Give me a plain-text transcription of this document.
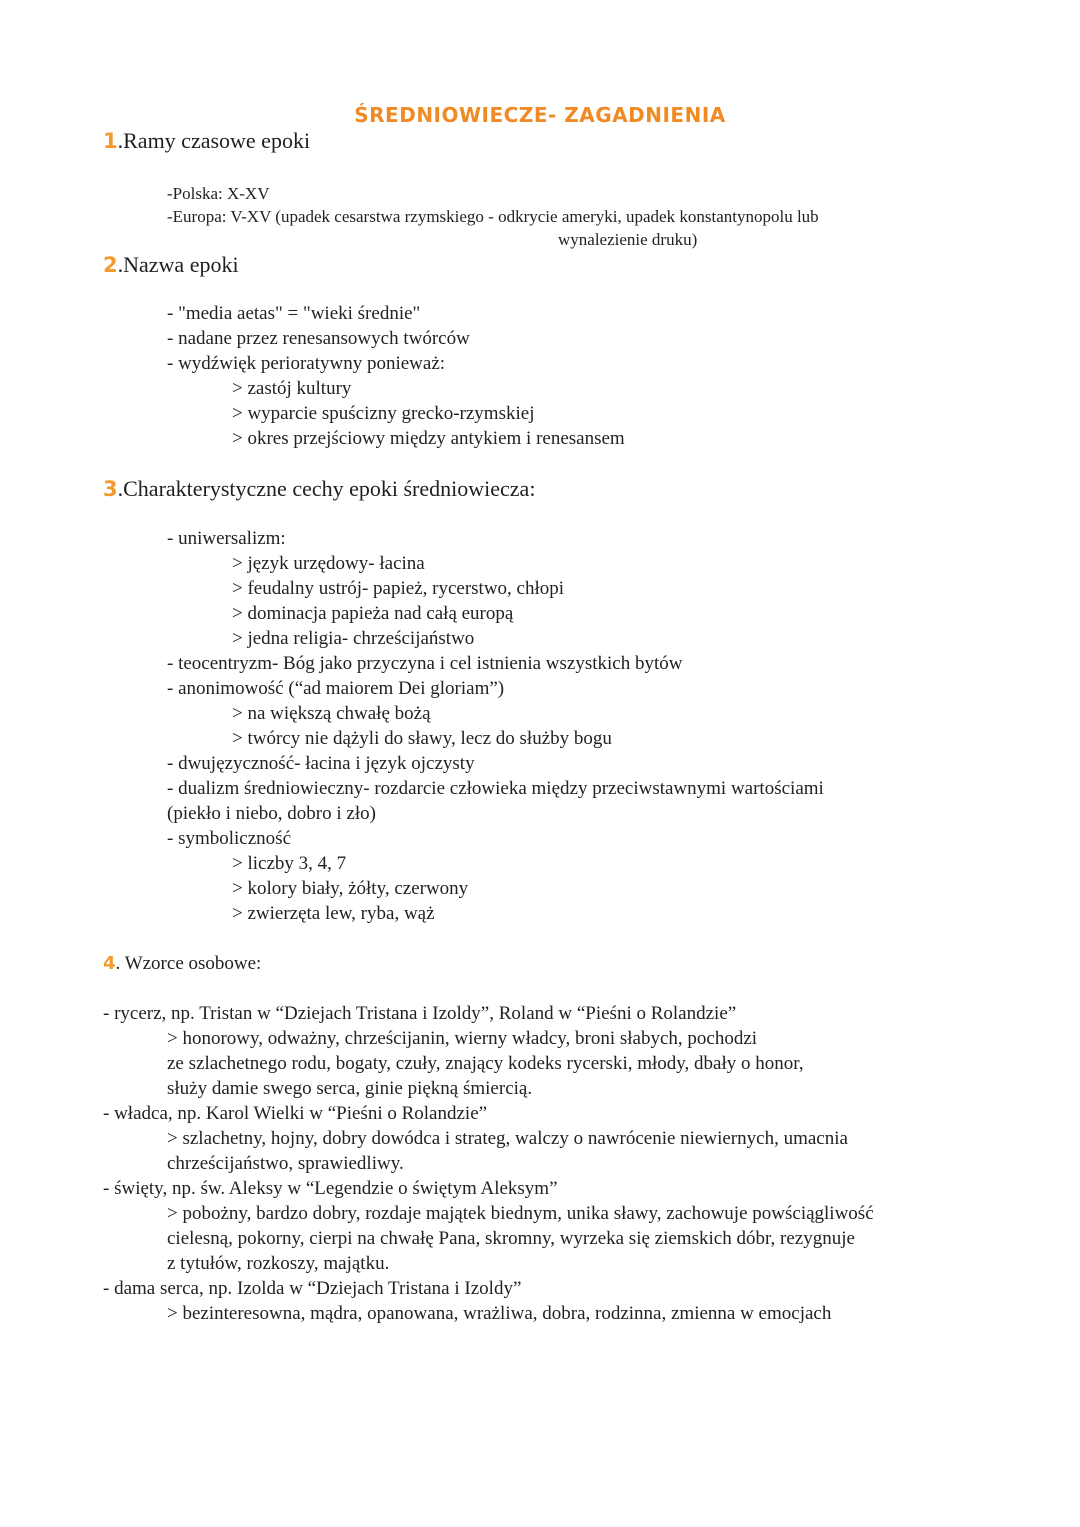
ŚREDNIOWIECZE- ZAGADNIENIA
1.Ramy czasowe epoki
-Polska: X-XV
-Europa: V-XV (upadek cesarstwa rzymskiego - odkrycie ameryki, upadek konstantynopolu lub
wynalezienie druku)
2.Nazwa epoki
- "media aetas" = "wieki średnie"
- nadane przez renesansowych twórców
- wydźwięk perioratywny ponieważ:
> zastój kultury
> wyparcie spuścizny grecko-rzymskiej
> okres przejściowy między antykiem i renesansem
3.Charakterystyczne cechy epoki średniowiecza:
- uniwersalizm:
> język urzędowy- łacina
> feudalny ustrój- papież, rycerstwo, chłopi
> dominacja papieża nad całą europą
> jedna religia- chrześcijaństwo
- teocentryzm- Bóg jako przyczyna i cel istnienia wszystkich bytów
- anonimowość (“ad maiorem Dei gloriam”)
> na większą chwałę bożą
> twórcy nie dążyli do sławy, lecz do służby bogu
- dwujęzyczność- łacina i język ojczysty
- dualizm średniowieczny- rozdarcie człowieka między przeciwstawnymi wartościami
(piekło i niebo, dobro i zło)
- symboliczność
> liczby 3, 4, 7
> kolory biały, żółty, czerwony
> zwierzęta lew, ryba, wąż
4. Wzorce osobowe:
- rycerz, np. Tristan w “Dziejach Tristana i Izoldy”, Roland w “Pieśni o Rolandzie”
> honorowy, odważny, chrześcijanin, wierny władcy, broni słabych, pochodzi
ze szlachetnego rodu, bogaty, czuły, znający kodeks rycerski, młody, dbały o honor,
służy damie swego serca, ginie piękną śmiercią.
- władca, np. Karol Wielki w “Pieśni o Rolandzie”
> szlachetny, hojny, dobry dowódca i strateg, walczy o nawrócenie niewiernych, umacnia
chrześcijaństwo, sprawiedliwy.
- święty, np. św. Aleksy w “Legendzie o świętym Aleksym”
> pobożny, bardzo dobry, rozdaje majątek biednym, unika sławy, zachowuje powściągliwość
cielesną, pokorny, cierpi na chwałę Pana, skromny, wyrzeka się ziemskich dóbr, rezygnuje
z tytułów, rozkoszy, majątku.
- dama serca, np. Izolda w “Dziejach Tristana i Izoldy”
> bezinteresowna, mądra, opanowana, wrażliwa, dobra, rodzinna, zmienna w emocjach
